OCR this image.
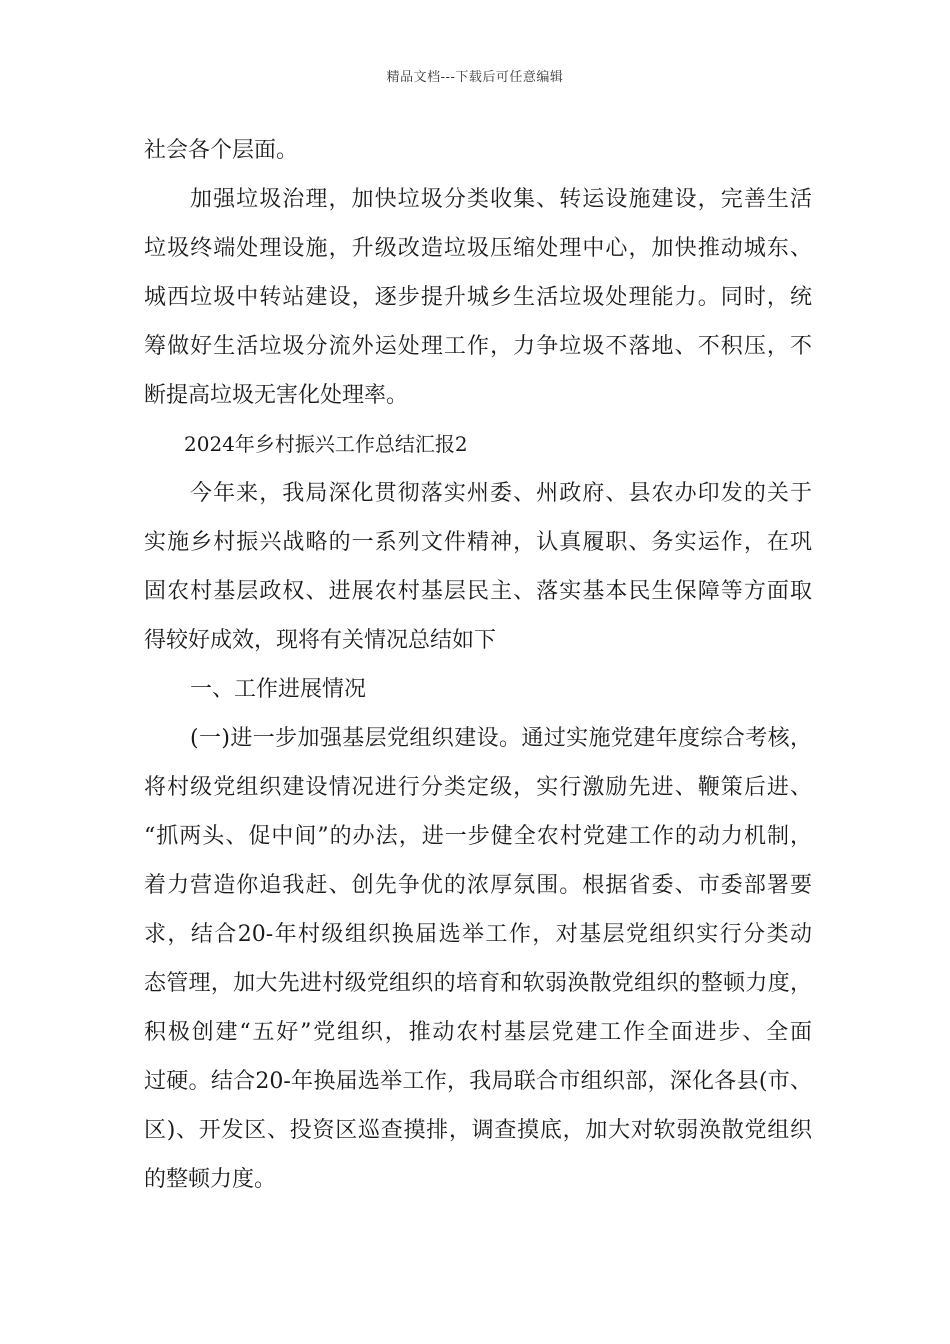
精品文档---下载后可任意编辑
社会各个层面。
加强垃圾治理，加快垃圾分类收集、转运设施建设，完善生活
垃圾终端处理设施，升级改造垃圾压缩处理中心，加快推动城东、
城西垃圾中转站建设，逐步提升城乡生活垃圾处理能力。同时，统
筹做好生活垃圾分流外运处理工作，力争垃圾不落地、不积压，不
断提高垃圾无害化处理率。
2024年乡村振兴工作总结汇报2
今年来，我局深化贯彻落实州委、州政府、县农办印发的关于
实施乡村振兴战略的一系列文件精神，认真履职、务实运作，在巩
固农村基层政权、进展农村基层民主、落实基本民生保障等方面取
得较好成效，现将有关情况总结如下
一、工作进展情况
(一)进一步加强基层党组织建设。通过实施党建年度综合考核，
将村级党组织建设情况进行分类定级，实行激励先进、鞭策后进、
“抓两头、促中间”的办法，进一步健全农村党建工作的动力机制，
着力营造你追我赶、创先争优的浓厚氛围。根据省委、市委部署要
求，结合20-年村级组织换届选举工作，对基层党组织实行分类动
态管理，加大先进村级党组织的培育和软弱涣散党组织的整顿力度，
积极创建“五好”党组织，推动农村基层党建工作全面进步、全面
过硬。结合20-年换届选举工作，我局联合市组织部，深化各县(市、
区)、开发区、投资区巡查摸排，调查摸底，加大对软弱涣散党组织
的整顿力度。
